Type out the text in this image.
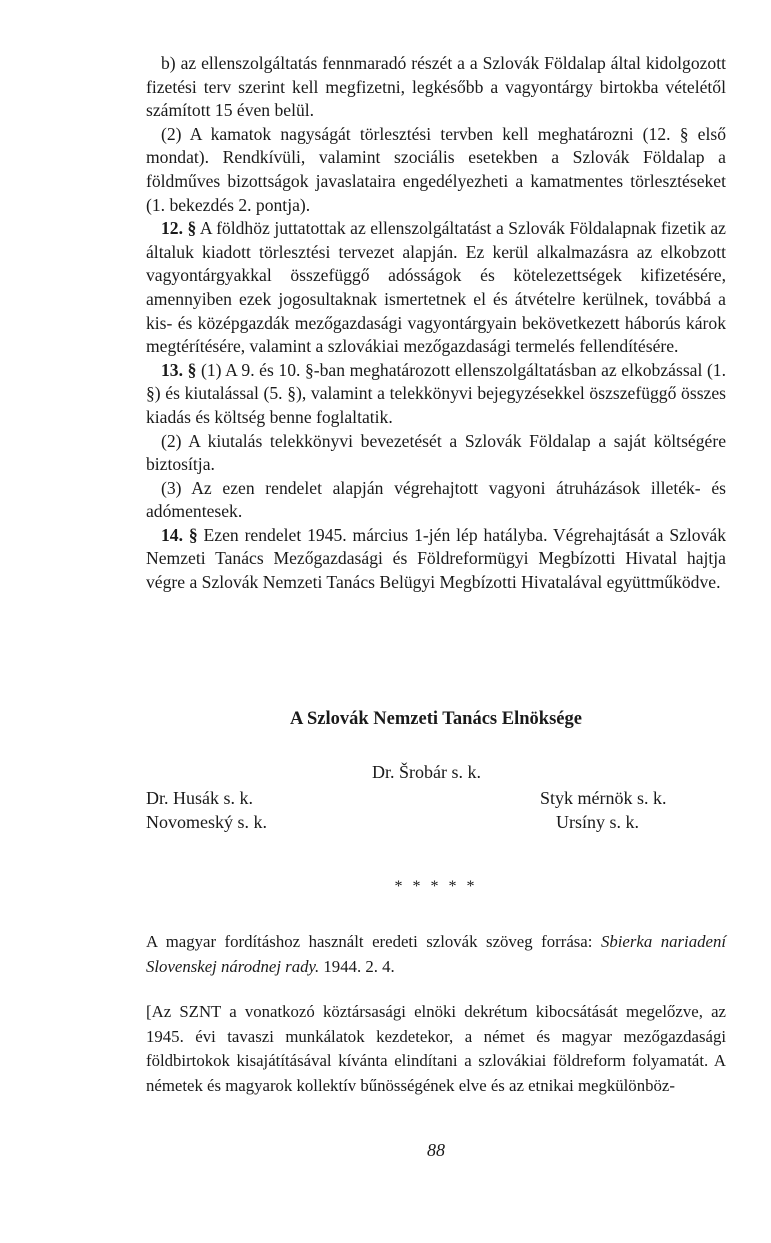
b) az ellenszolgáltatás fennmaradó részét a a Szlovák Földalap által kidolgozott fizetési terv szerint kell megfizetni, legkésőbb a vagyontárgy birtokba vételétől számított 15 éven belül.

(2) A kamatok nagyságát törlesztési tervben kell meghatározni (12. § első mondat). Rendkívüli, valamint szociális esetekben a Szlovák Földalap a földműves bizottságok javaslataira engedélyezheti a kamatmentes törlesztéseket (1. bekezdés 2. pontja).

12. § A földhöz juttatottak az ellenszolgáltatást a Szlovák Földalapnak fizetik az általuk kiadott törlesztési tervezet alapján. Ez kerül alkalmazásra az elkobzott vagyontárgyakkal összefüggő adósságok és kötelezettségek kifizetésére, amennyiben ezek jogosultaknak ismertetnek el és átvételre kerülnek, továbbá a kis- és középgazdák mezőgazdasági vagyontárgyain bekövetkezett háborús károk megtérítésére, valamint a szlovákiai mezőgazdasági termelés fellendítésére.

13. § (1) A 9. és 10. §-ban meghatározott ellenszolgáltatásban az elkobzással (1. §) és kiutalással (5. §), valamint a telekkönyvi bejegyzésekkel öszszefüggő összes kiadás és költség benne foglaltatik.

(2) A kiutalás telekkönyvi bevezetését a Szlovák Földalap a saját költségére biztosítja.

(3) Az ezen rendelet alapján végrehajtott vagyoni átruházások illeték- és adómentesek.

14. § Ezen rendelet 1945. március 1-jén lép hatályba. Végrehajtását a Szlovák Nemzeti Tanács Mezőgazdasági és Földreformügyi Megbízotti Hivatal hajtja végre a Szlovák Nemzeti Tanács Belügyi Megbízotti Hivatalával együttműködve.

A Szlovák Nemzeti Tanács Elnöksége
Dr. Šrobár s. k.
Dr. Husák s. k.
Novomeský s. k.
Styk mérnök s. k.
Ursíny s. k.
* * * * *
A magyar fordításhoz használt eredeti szlovák szöveg forrása: Sbierka nariadení Slovenskej národnej rady. 1944. 2. 4.
[Az SZNT a vonatkozó köztársasági elnöki dekrétum kibocsátását megelőzve, az 1945. évi tavaszi munkálatok kezdetekor, a német és magyar mezőgazdasági földbirtokok kisajátításával kívánta elindítani a szlovákiai földreform folyamatát. A németek és magyarok kollektív bűnösségének elve és az etnikai megkülönböz-
88
